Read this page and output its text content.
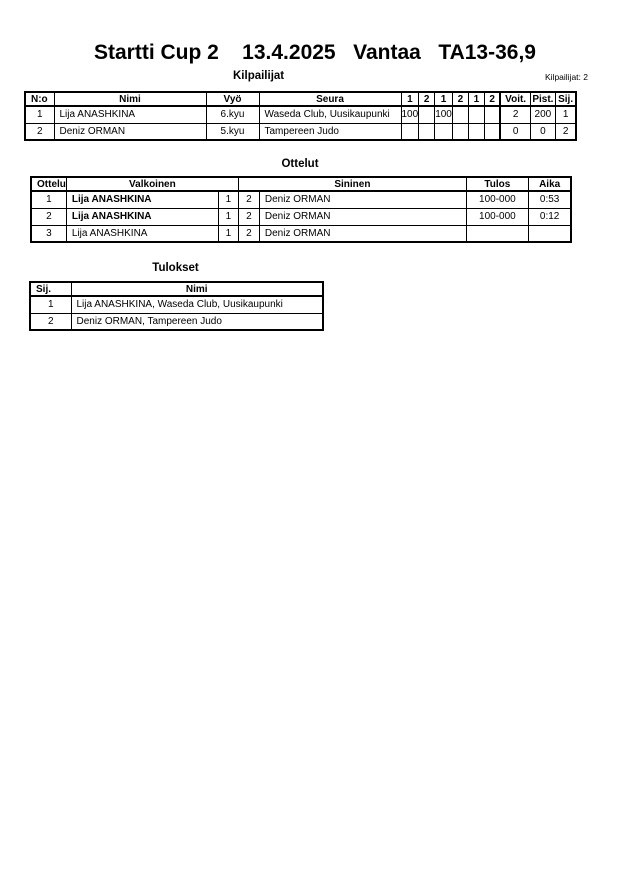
Startti Cup 2    13.4.2025   Vantaa   TA13-36,9
Kilpailijat	Kilpailijat: 2
N:o	Nimi	Vyö	Seura	1	2	1	2	1	2	Voit.	Pist.	Sij.
1	Lija ANASHKINA	6.kyu	Waseda Club, Uusikaupunki	100		100				2	200	1
2	Deniz ORMAN	5.kyu	Tampereen Judo							0	0	2
Ottelut
Ottelu	Valkoinen		Sininen		Tulos	Aika
1	Lija ANASHKINA	1	2	Deniz ORMAN	100-000	0:53
2	Lija ANASHKINA	1	2	Deniz ORMAN	100-000	0:12
3	Lija ANASHKINA	1	2	Deniz ORMAN		
Tulokset
Sij.	Nimi
1	Lija ANASHKINA, Waseda Club, Uusikaupunki
2	Deniz ORMAN, Tampereen Judo
